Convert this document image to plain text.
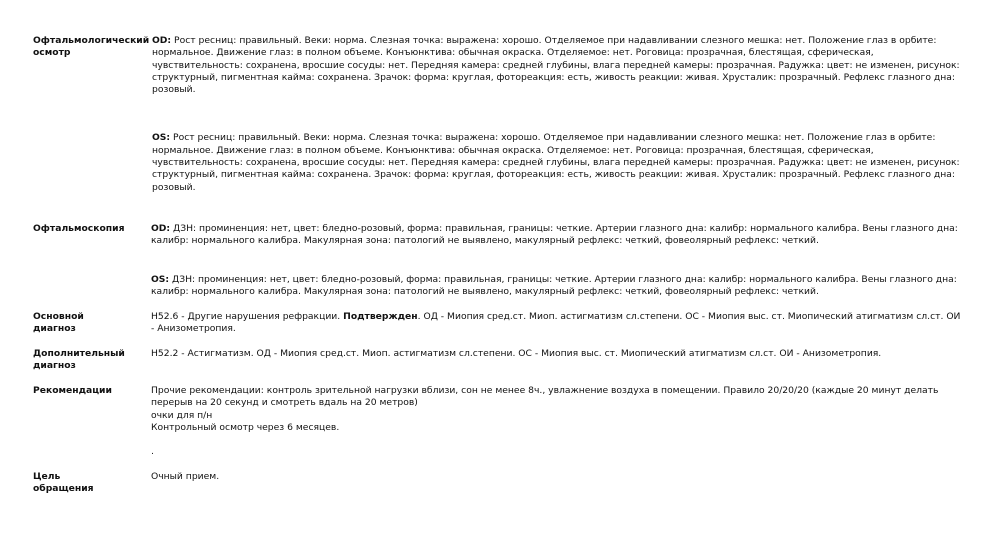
Офтальмологический осмотр

OD: Рост ресниц: правильный. Веки: норма. Слезная точка: выражена: хорошо. Отделяемое при надавливании слезного мешка: нет. Положение глаз в орбите: нормальное. Движение глаз: в полном объеме. Конъюнктива: обычная окраска. Отделяемое: нет. Роговица: прозрачная, блестящая, сферическая, чувствительность: сохранена, вросшие сосуды: нет. Передняя камера: средней глубины, влага передней камеры: прозрачная. Радужка: цвет: не изменен, рисунок: структурный, пигментная кайма: сохранена. Зрачок: форма: круглая, фотореакция: есть, живость реакции: живая. Хрусталик: прозрачный. Рефлекс глазного дна: розовый.

OS: Рост ресниц: правильный. Веки: норма. Слезная точка: выражена: хорошо. Отделяемое при надавливании слезного мешка: нет. Положение глаз в орбите: нормальное. Движение глаз: в полном объеме. Конъюнктива: обычная окраска. Отделяемое: нет. Роговица: прозрачная, блестящая, сферическая, чувствительность: сохранена, вросшие сосуды: нет. Передняя камера: средней глубины, влага передней камеры: прозрачная. Радужка: цвет: не изменен, рисунок: структурный, пигментная кайма: сохранена. Зрачок: форма: круглая, фотореакция: есть, живость реакции: живая. Хрусталик: прозрачный. Рефлекс глазного дна: розовый.

Офтальмоскопия	OD: ДЗН: проминенция: нет, цвет: бледно-розовый, форма: правильная, границы: четкие. Артерии глазного дна: калибр: нормального калибра. Вены глазного дна: калибр: нормального калибра. Макулярная зона: патологий не выявлено, макулярный рефлекс: четкий, фовеолярный рефлекс: четкий.

OS: ДЗН: проминенция: нет, цвет: бледно-розовый, форма: правильная, границы: четкие. Артерии глазного дна: калибр: нормального калибра. Вены глазного дна: калибр: нормального калибра. Макулярная зона: патологий не выявлено, макулярный рефлекс: четкий, фовеолярный рефлекс: четкий.

Основной диагноз

H52.6 - Другие нарушения рефракции. Подтвержден. ОД - Миопия сред.ст. Миоп. астигматизм сл.степени. ОС - Миопия выс. ст. Миопический атигматизм сл.ст. ОИ - Анизометропия.

Дополнительный диагноз

H52.2 - Астигматизм. ОД - Миопия сред.ст. Миоп. астигматизм сл.степени. ОС - Миопия выс. ст. Миопический атигматизм сл.ст. ОИ - Анизометропия.

Рекомендации	Прочие рекомендации: контроль зрительной нагрузки вблизи, сон не менее 8ч., увлажнение воздуха в помещении. Правило 20/20/20 (каждые 20 минут делать перерыв на 20 секунд и смотреть вдаль на 20 метров)
очки для п/н
Контрольный осмотр через 6 месяцев.
.
Цель обращения

Очный прием.
